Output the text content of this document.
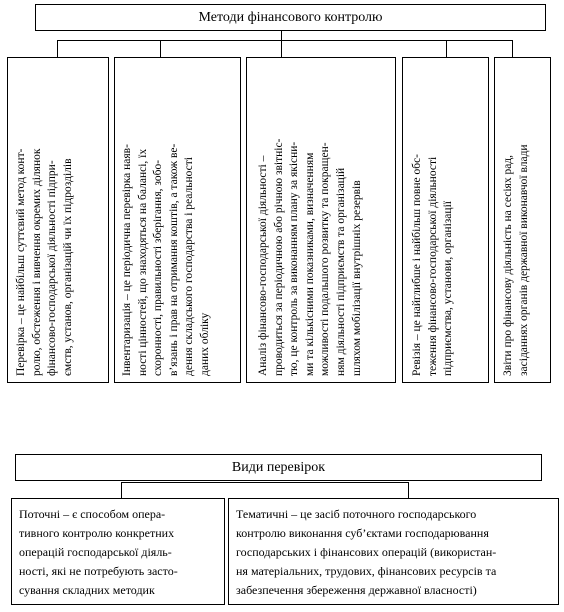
Методи фінансового контролю
Перевірка – це найбільш суттєвий метод конт- ролю, обстеження і вивчення окремих ділянок фінансово-господарської діяльності підпри- ємств, установ, організацій чи їх підрозділів	Інвентаризація – це періодична перевірка наяв- ності цінностей, що знаходяться на балансі, їх схоронності, правильності зберігання, зобо- в’язань і прав на отримання коштів, а також ве- дення складського господарства і реальності даних обліку	Аналіз фінансово-господарської діяльності – проводиться за періодичною або річною звітніс- тю, це контроль за виконанням плану за якісни- ми та кількісними показниками, визначенням можливості подальшого розвитку та покращен- ням діяльності підприємств та організацій шляхом мобілізації внутрішніх резервів	Ревізія – це найглибше і найбільш повне обс- теження фінансово-господарської діяльності підприємства, установи, організації	Звіти про фінансову діяльність на сесіях рад, засіданнях органів державної виконавчої влади
Види перевірок
Поточні – є способом опера-
тивного контролю конкретних
операцій господарської діяль-
ності, які не потребують засто-
сування складних методик
Тематичні – це засіб поточного господарського
контролю виконання суб’єктами господарювання
господарських і фінансових операцій (використан-
ня матеріальних, трудових, фінансових ресурсів та
забезпечення збереження державної власності)
